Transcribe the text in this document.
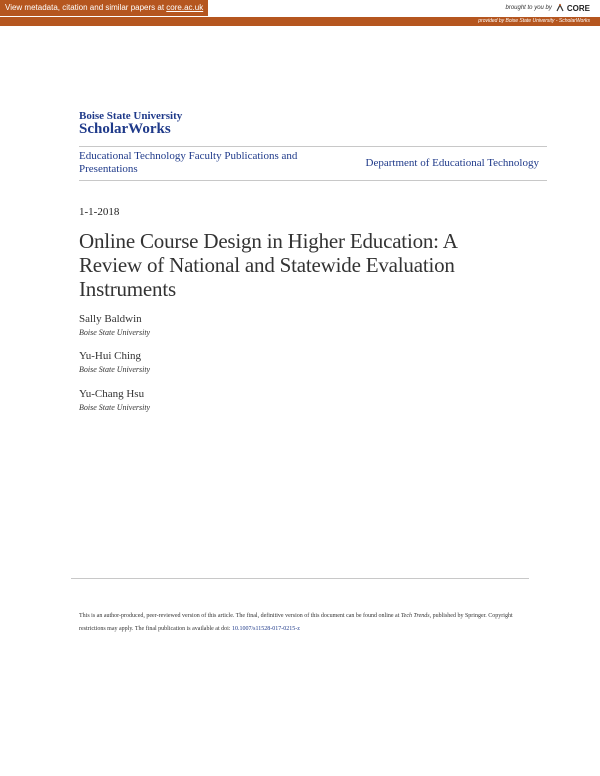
View metadata, citation and similar papers at core.ac.uk	brought to you by CORE
provided by Boise State University - ScholarWorks
Boise State University
ScholarWorks
Educational Technology Faculty Publications and Presentations	Department of Educational Technology
1-1-2018
Online Course Design in Higher Education: A Review of National and Statewide Evaluation Instruments
Sally Baldwin
Boise State University
Yu-Hui Ching
Boise State University
Yu-Chang Hsu
Boise State University
This is an author-produced, peer-reviewed version of this article. The final, definitive version of this document can be found online at Tech Trends, published by Springer. Copyright restrictions may apply. The final publication is available at doi: 10.1007/s11528-017-0215-z
